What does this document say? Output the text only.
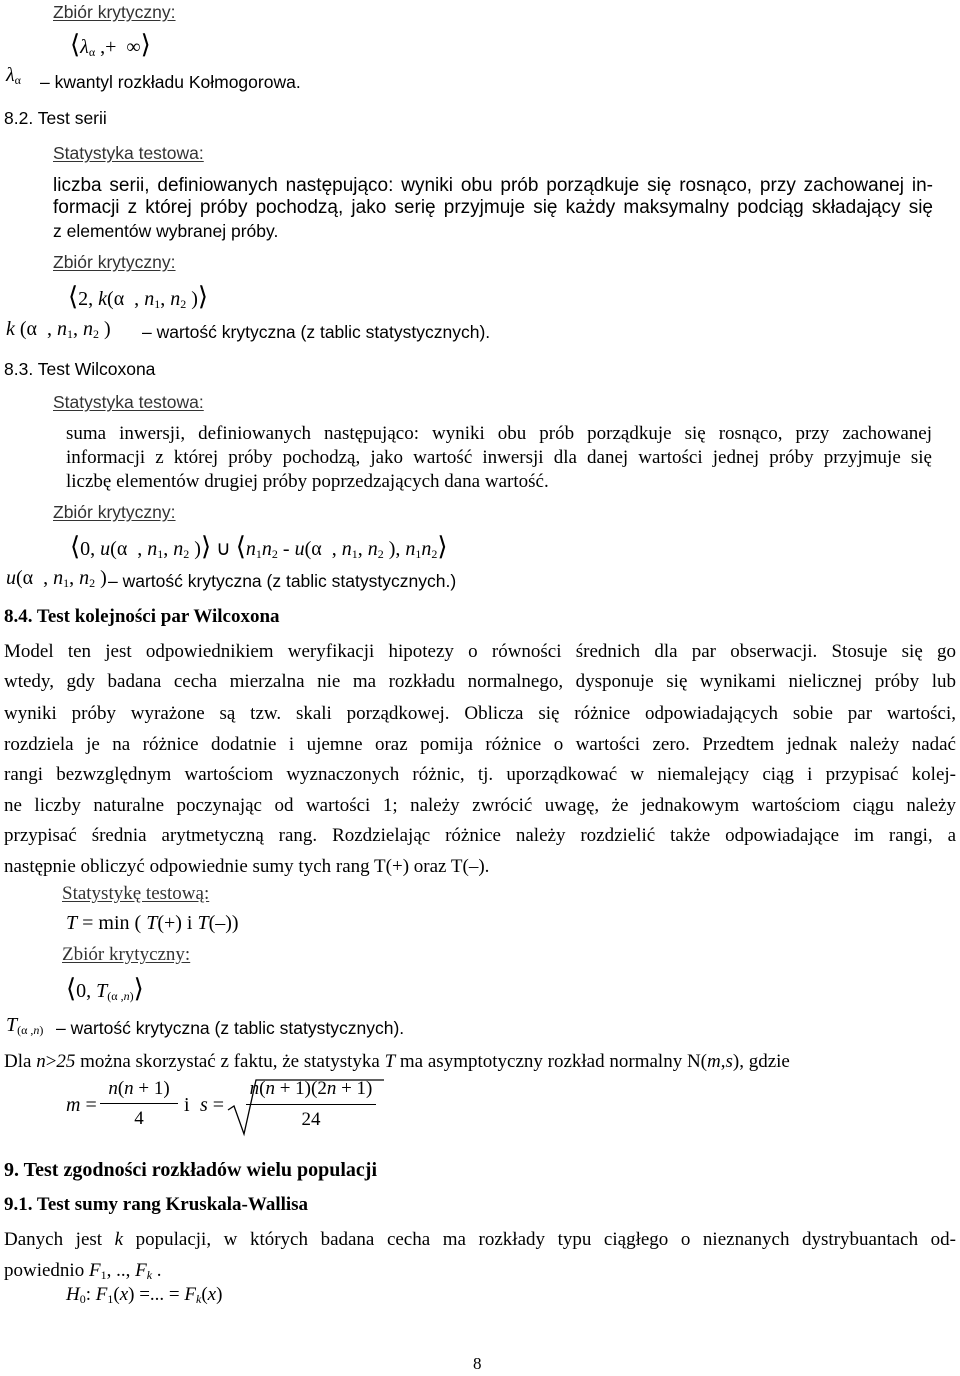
Zbiór krytyczny:
$⟨\lambda_\alpha$ ,+  ∞⟩
$\lambda_\alpha$ – kwantyl rozkładu Kołmogorowa.
8.2. Test serii
Statystyka testowa:
liczba serii, definiowanych następująco: wyniki obu prób porządkuje się rosnąco, przy zachowanej in-
formacji z której próby pochodzą, jako serię przyjmuje się każdy maksymalny podciąg składający się
z elementów wybranej próby.
Zbiór krytyczny:
⟨2, k(α  , $n_1$, $n_2$ )⟩
k (α  , $n_1$, $n_2$ ) – wartość krytyczna (z tablic statystycznych).
8.3. Test Wilcoxona
Statystyka testowa:
suma inwersji, definiowanych następująco: wyniki obu prób porządkuje się rosnąco, przy zachowanej
informacji z której próby pochodzą, jako wartość inwersji dla danej wartości jednej próby przyjmuje się
liczbę elementów drugiej próby poprzedzających dana wartość.
Zbiór krytyczny:
⟨0, u(α  , $n_1$, $n_2$ )⟩ ∪ $⟨n_1n_2 - u(\alpha$  , $n_1$, $n_2$ ), $n_1n_2⟩$
u(α  , $n_1$, $n_2$ ) – wartość krytyczna (z tablic statystycznych.)
8.4. Test kolejności par Wilcoxona
Model ten jest odpowiednikiem weryfikacji hipotezy o równości średnich dla par obserwacji. Stosuje się go
wtedy, gdy badana cecha mierzalna nie ma rozkładu normalnego, dysponuje się wynikami nielicznej próby lub
wyniki próby wyrażone są tzw. skali porządkowej. Oblicza się różnice odpowiadających sobie par wartości,
rozdziela je na różnice dodatnie i ujemne oraz pomija różnice o wartości zero. Przedtem jednak należy nadać
rangi bezwzględnym wartościom wyznaczonych różnic, tj. uporządkować w niemalejący ciąg i przypisać kolej-
ne liczby naturalne poczynając od wartości 1; należy zwrócić uwagę, że jednakowym wartościom ciągu należy
przypisać średnia arytmetyczną rang. Rozdzielając różnice należy rozdzielić także odpowiadające im rangi, a
następnie obliczyć odpowiednie sumy tych rang T(+) oraz T(–).
Statystykę testową:
T = min ( T(+) i T(–))
Zbiór krytyczny:
⟨0, $T_{(\alpha ,n)}⟩$
$T_{(\alpha ,n)}$ – wartość krytyczna (z tablic statystycznych).
Dla n>25 można skorzystać z faktu, że statystyka T ma asymptotyczny rozkład normalny N(m,s), gdzie
m =
n(n + 1)
4
i s =
n(n + 1)(2n + 1)
24
9. Test zgodności rozkładów wielu populacji
9.1. Test sumy rang Kruskala-Wallisa
Danych jest k populacji, w których badana cecha ma rozkłady typu ciągłego o nieznanych dystrybuantach od-
powiednio $F_1$, .., $F_k$ .
$H_0$: $F_1(x)$ =... = $F_k(x)$
8
